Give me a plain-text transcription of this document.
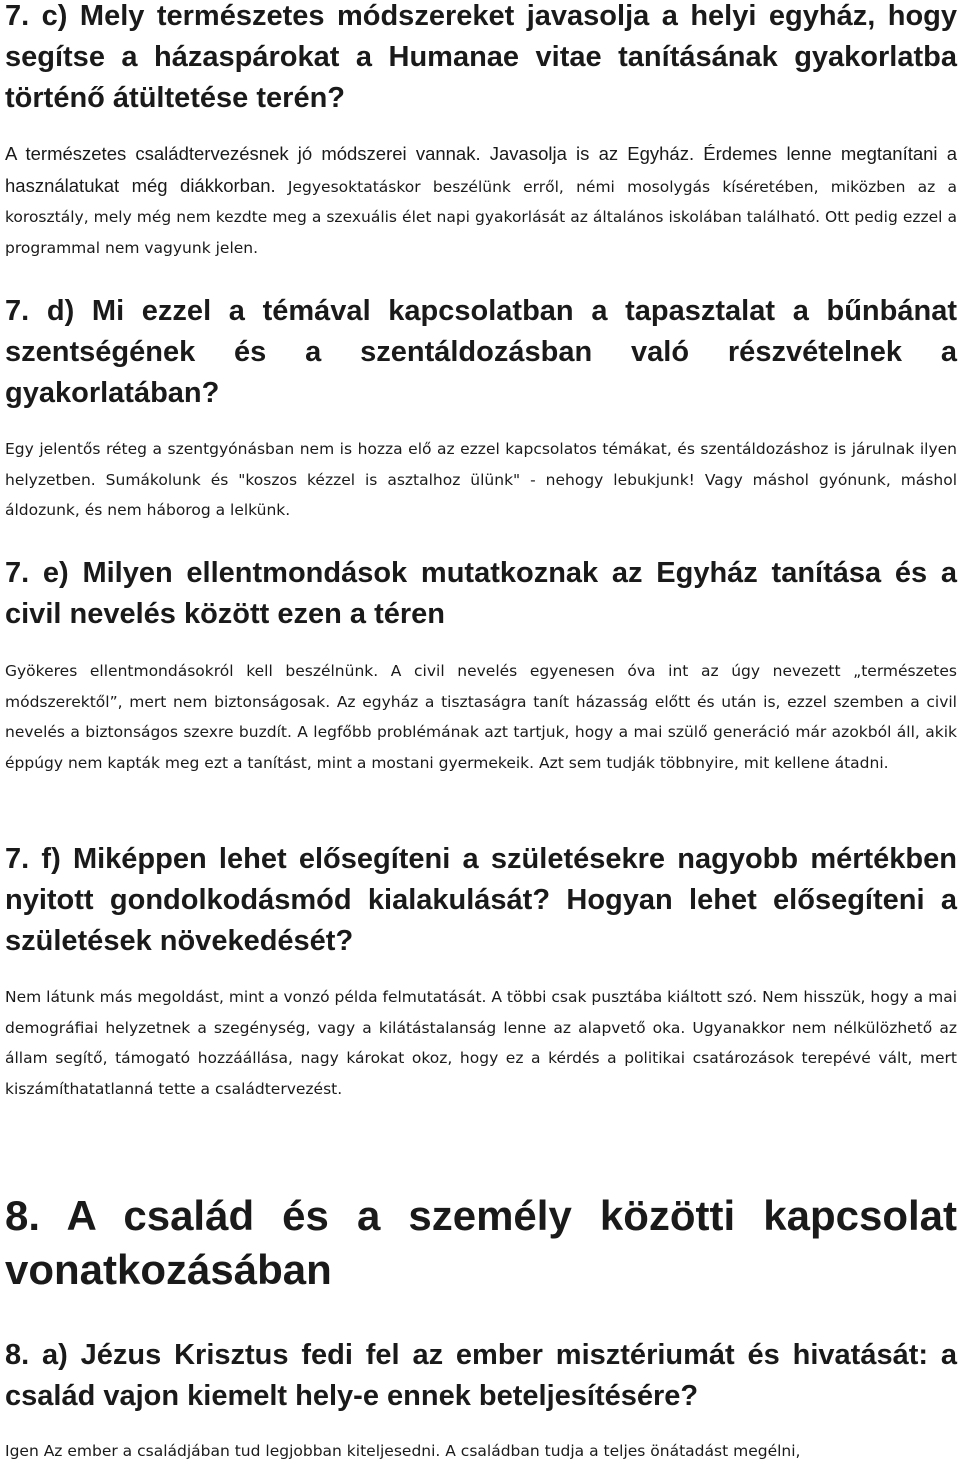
7. c) Mely természetes módszereket javasolja a helyi egyház, hogy segítse a házaspárokat a Humanae vitae tanításának gyakorlatba történő átültetése terén?

A természetes családtervezésnek jó módszerei vannak. Javasolja is az Egyház. Érdemes lenne megtanítani a használatukat még diákkorban. Jegyesoktatáskor beszélünk erről, némi mosolygás kíséretében, miközben az a korosztály, mely még nem kezdte meg a szexuális élet napi gyakorlását az általános iskolában található. Ott pedig ezzel a programmal nem vagyunk jelen.

7. d) Mi ezzel a témával kapcsolatban a tapasztalat a bűnbánat szentségének és a szentáldozásban való részvételnek a gyakorlatában?

Egy jelentős réteg a szentgyónásban nem is hozza elő az ezzel kapcsolatos témákat, és szentáldozáshoz is járulnak ilyen helyzetben. Sumákolunk és "koszos kézzel is asztalhoz ülünk" - nehogy lebukjunk! Vagy máshol gyónunk, máshol áldozunk, és nem háborog a lelkünk.

7. e) Milyen ellentmondások mutatkoznak az Egyház tanítása és a civil nevelés között ezen a téren

Gyökeres ellentmondásokról kell beszélnünk. A civil nevelés egyenesen óva int az úgy nevezett „természetes módszerektől”, mert nem biztonságosak. Az egyház a tisztaságra tanít házasság előtt és után is, ezzel szemben a civil nevelés a biztonságos szexre buzdít. A legfőbb problémának azt tartjuk, hogy a mai szülő generáció már azokból áll, akik éppúgy nem kapták meg ezt a tanítást, mint a mostani gyermekeik. Azt sem tudják többnyire, mit kellene átadni.

7. f) Miképpen lehet elősegíteni a születésekre nagyobb mértékben nyitott gondolkodásmód kialakulását? Hogyan lehet elősegíteni a születések növekedését?

Nem látunk más megoldást, mint a vonzó példa felmutatását. A többi csak pusztába kiáltott szó. Nem hisszük, hogy a mai demográfiai helyzetnek a szegénység, vagy a kilátástalanság lenne az alapvető oka. Ugyanakkor nem nélkülözhető az állam segítő, támogató hozzáállása, nagy károkat okoz, hogy ez a kérdés a politikai csatározások terepévé vált, mert kiszámíthatatlanná tette a családtervezést.

8. A család és a személy közötti kapcsolat vonatkozásában
8. a) Jézus Krisztus fedi fel az ember misztériumát és hivatását: a család vajon kiemelt hely-e ennek beteljesítésére?

Igen Az ember a családjában tud legjobban kiteljesedni. A családban tudja a teljes önátadást megélni,
